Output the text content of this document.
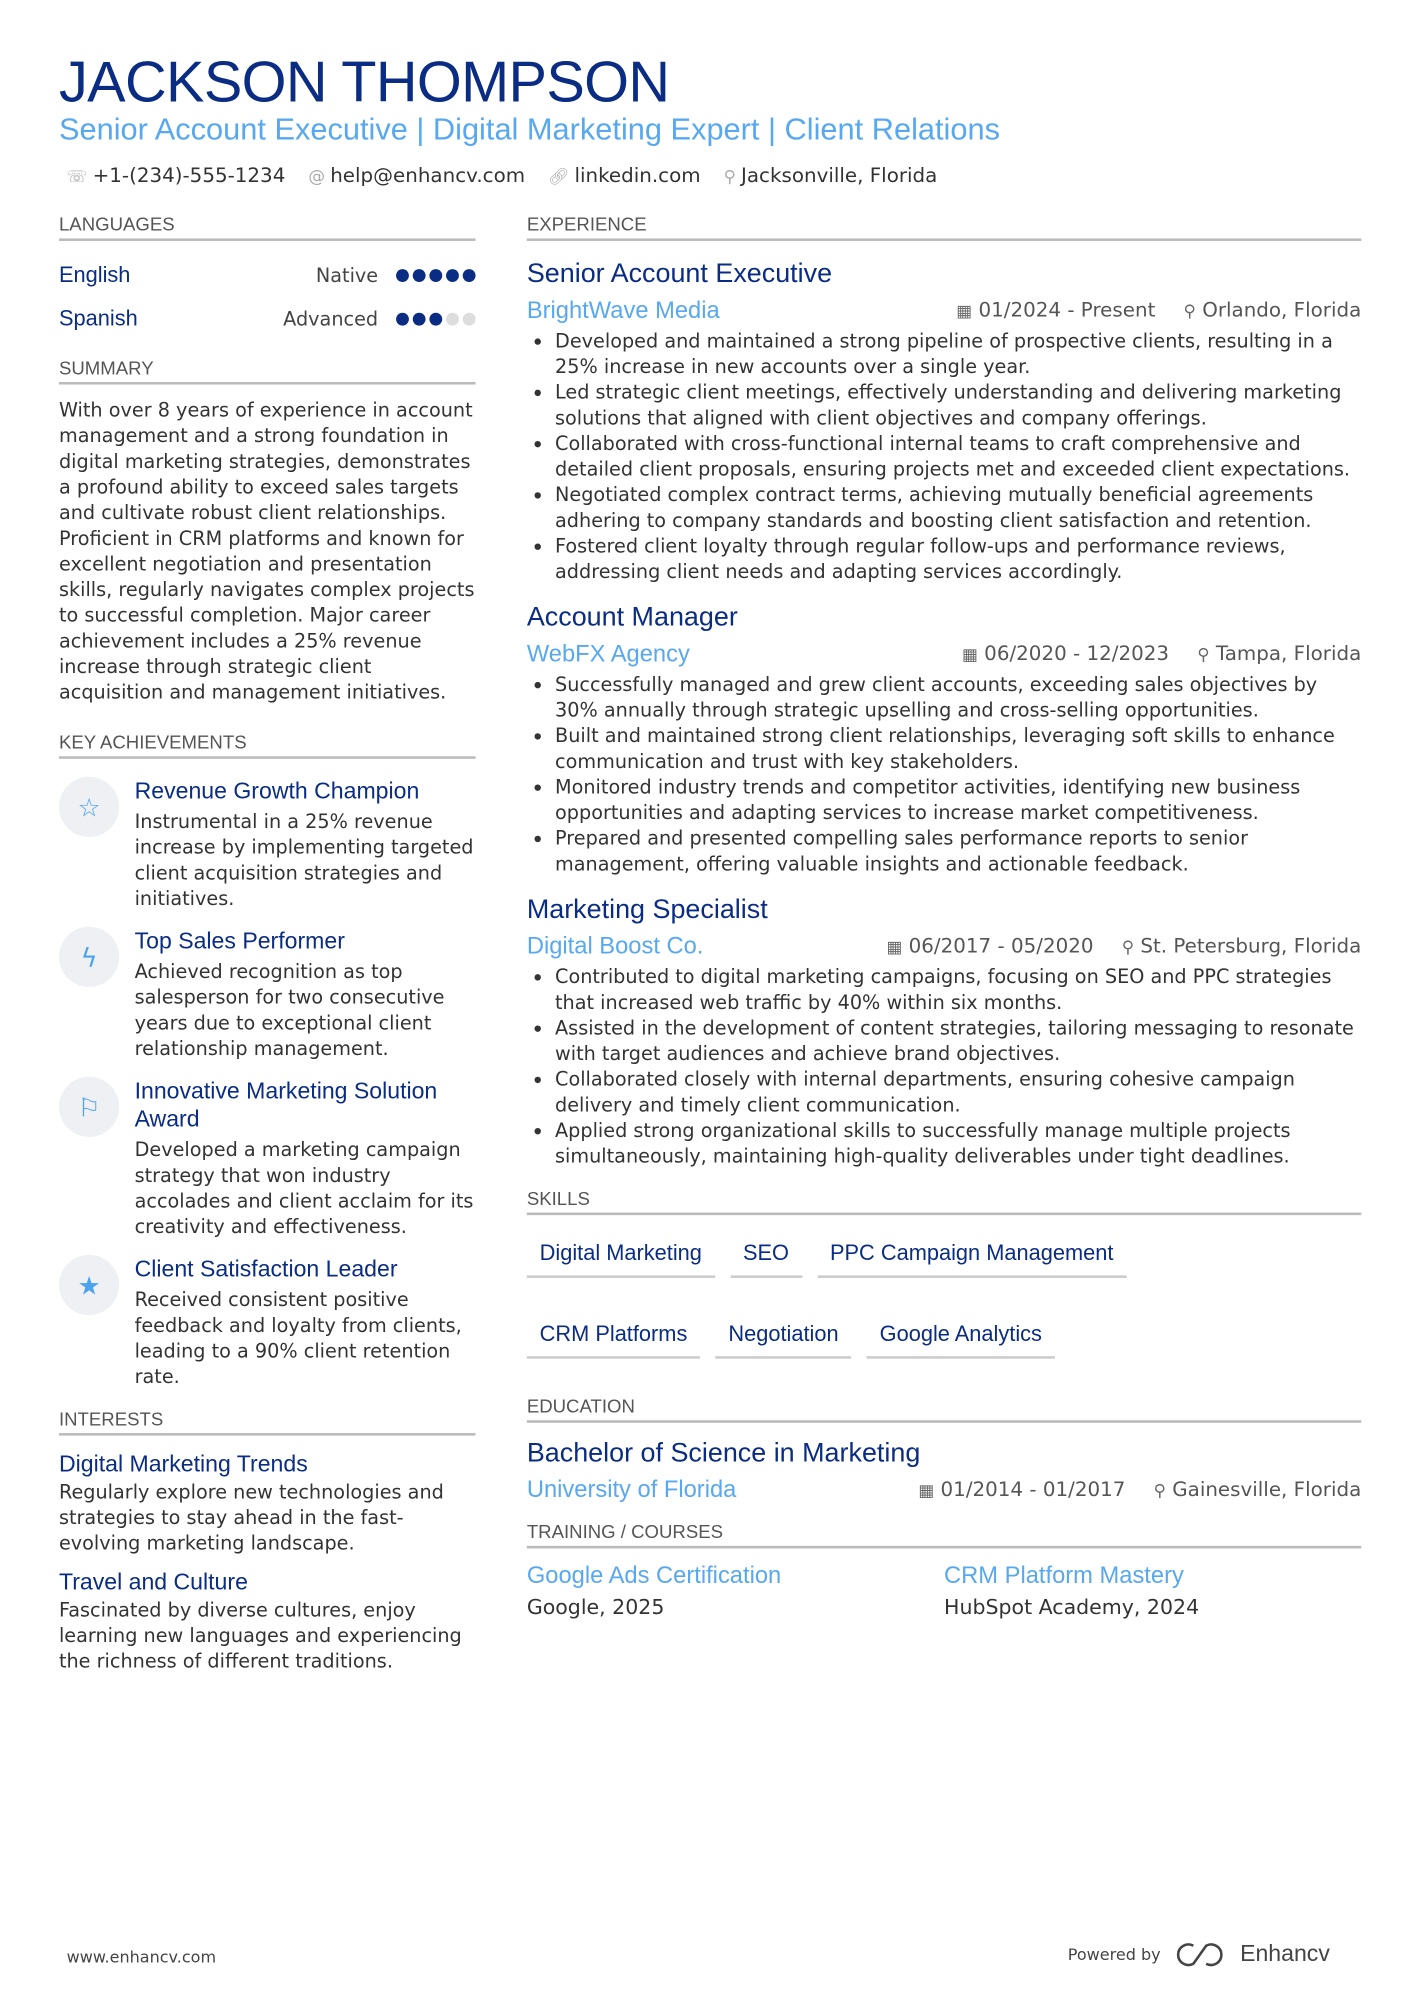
JACKSON THOMPSON
Senior Account Executive | Digital Marketing Expert | Client Relations
☏ +1-(234)-555-1234 @ help@enhancv.com 🔗︎ linkedin.com ⚲ Jacksonville, Florida
LANGUAGES
English	Native
Spanish	Advanced
SUMMARY
With over 8 years of experience in account management and a strong foundation in digital marketing strategies, demonstrates a profound ability to exceed sales targets and cultivate robust client relationships. Proficient in CRM platforms and known for excellent negotiation and presentation skills, regularly navigates complex projects to successful completion. Major career achievement includes a 25% revenue increase through strategic client acquisition and management initiatives.
KEY ACHIEVEMENTS
☆
Revenue Growth Champion
Instrumental in a 25% revenue increase by implementing targeted client acquisition strategies and initiatives.
ϟ
Top Sales Performer
Achieved recognition as top salesperson for two consecutive years due to exceptional client relationship management.
⚐
Innovative Marketing Solution Award
Developed a marketing campaign strategy that won industry accolades and client acclaim for its creativity and effectiveness.
★
Client Satisfaction Leader
Received consistent positive feedback and loyalty from clients, leading to a 90% client retention rate.
INTERESTS
Digital Marketing Trends
Regularly explore new technologies and strategies to stay ahead in the fast-evolving marketing landscape.
Travel and Culture
Fascinated by diverse cultures, enjoy learning new languages and experiencing the richness of different traditions.
EXPERIENCE
Senior Account Executive
BrightWave Media	▦ 01/2024 - Present ⚲ Orlando, Florida
• Developed and maintained a strong pipeline of prospective clients, resulting in a 25% increase in new accounts over a single year.
• Led strategic client meetings, effectively understanding and delivering marketing solutions that aligned with client objectives and company offerings.
• Collaborated with cross-functional internal teams to craft comprehensive and detailed client proposals, ensuring projects met and exceeded client expectations.
• Negotiated complex contract terms, achieving mutually beneficial agreements adhering to company standards and boosting client satisfaction and retention.
• Fostered client loyalty through regular follow-ups and performance reviews, addressing client needs and adapting services accordingly.
Account Manager
WebFX Agency	▦ 06/2020 - 12/2023 ⚲ Tampa, Florida
• Successfully managed and grew client accounts, exceeding sales objectives by 30% annually through strategic upselling and cross-selling opportunities.
• Built and maintained strong client relationships, leveraging soft skills to enhance communication and trust with key stakeholders.
• Monitored industry trends and competitor activities, identifying new business opportunities and adapting services to increase market competitiveness.
• Prepared and presented compelling sales performance reports to senior management, offering valuable insights and actionable feedback.
Marketing Specialist
Digital Boost Co.	▦ 06/2017 - 05/2020 ⚲ St. Petersburg, Florida
• Contributed to digital marketing campaigns, focusing on SEO and PPC strategies that increased web traffic by 40% within six months.
• Assisted in the development of content strategies, tailoring messaging to resonate with target audiences and achieve brand objectives.
• Collaborated closely with internal departments, ensuring cohesive campaign delivery and timely client communication.
• Applied strong organizational skills to successfully manage multiple projects simultaneously, maintaining high-quality deliverables under tight deadlines.
SKILLS
Digital Marketing	SEO	PPC Campaign Management
CRM Platforms	Negotiation	Google Analytics
EDUCATION
Bachelor of Science in Marketing
University of Florida	▦ 01/2014 - 01/2017 ⚲ Gainesville, Florida
TRAINING / COURSES
Google Ads Certification
Google, 2025
CRM Platform Mastery
HubSpot Academy, 2024
www.enhancv.com	Powered by	Enhancv
